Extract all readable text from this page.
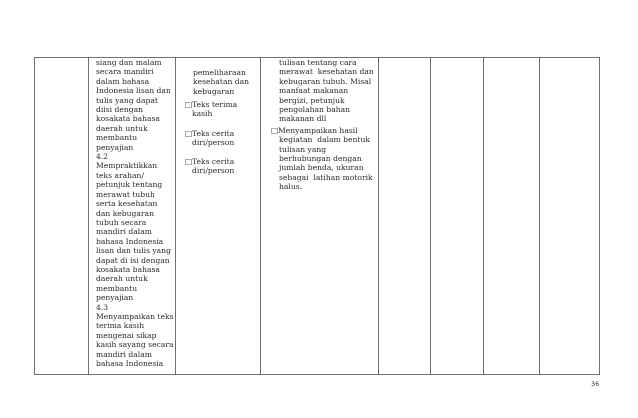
siang dan malam
secara mandiri
dalam bahasa
Indonesia lisan dan
tulis yang dapat
diisi dengan
kosakata bahasa
daerah untuk
membantu
penyajian
4.2
Mempraktikkan
teks arahan/
petunjuk tentang
merawat tubuh
serta kesehatan
dan kebugaran
tubuh secara
mandiri dalam
bahasa Indonesia
lisan dan tulis yang
dapat di isi dengan
kosakata bahasa
daerah untuk
membantu
penyajian
4.3
Menyampaikan teks
terima kasih
mengenai sikap
kasih sayang secara
mandiri dalam
bahasa Indonesia
pemeliharaan
kesehatan dan
kebugaran
□Teks terima
kasih
□Teks cerita
diri/person
□Teks cerita
diri/person
tulisan tentang cara
merawat  kesehatan dan
kebugaran tubuh. Misal
manfaat makanan
bergizi, petunjuk
pengolahan bahan
makanan dll
□Menyampaikan hasil
kegiatan  dalam bentuk
tulisan yang
berhubungan dengan
jumlah benda, ukuran
sebagai  latihan motorik
halus.
36
